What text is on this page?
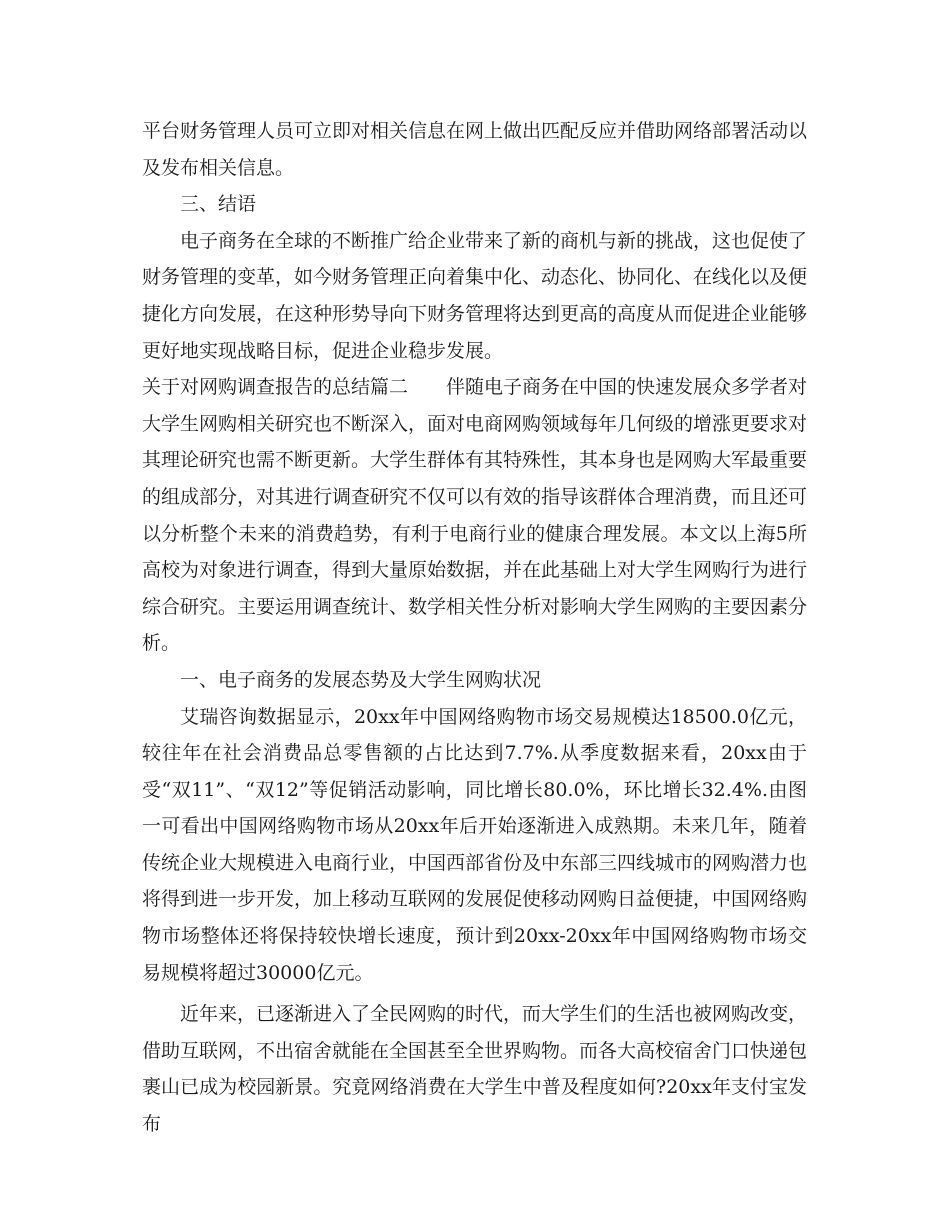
平台财务管理人员可立即对相关信息在网上做出匹配反应并借助网络部署活动以及发布相关信息。

三、结语

电子商务在全球的不断推广给企业带来了新的商机与新的挑战，这也促使了财务管理的变革，如今财务管理正向着集中化、动态化、协同化、在线化以及便捷化方向发展，在这种形势导向下财务管理将达到更高的高度从而促进企业能够更好地实现战略目标，促进企业稳步发展。

关于对网购调查报告的总结篇二　　伴随电子商务在中国的快速发展众多学者对大学生网购相关研究也不断深入，面对电商网购领域每年几何级的增涨更要求对其理论研究也需不断更新。大学生群体有其特殊性，其本身也是网购大军最重要的组成部分，对其进行调查研究不仅可以有效的指导该群体合理消费，而且还可以分析整个未来的消费趋势，有利于电商行业的健康合理发展。本文以上海5所高校为对象进行调查，得到大量原始数据，并在此基础上对大学生网购行为进行综合研究。主要运用调查统计、数学相关性分析对影响大学生网购的主要因素分析。

一、电子商务的发展态势及大学生网购状况

艾瑞咨询数据显示，20xx年中国网络购物市场交易规模达18500.0亿元，较往年在社会消费品总零售额的占比达到7.7%.从季度数据来看，20xx由于受“双11”、“双12”等促销活动影响，同比增长80.0%，环比增长32.4%.由图一可看出中国网络购物市场从20xx年后开始逐渐进入成熟期。未来几年，随着传统企业大规模进入电商行业，中国西部省份及中东部三四线城市的网购潜力也将得到进一步开发，加上移动互联网的发展促使移动网购日益便捷，中国网络购物市场整体还将保持较快增长速度，预计到20xx-20xx年中国网络购物市场交易规模将超过30000亿元。

近年来，已逐渐进入了全民网购的时代，而大学生们的生活也被网购改变，借助互联网，不出宿舍就能在全国甚至全世界购物。而各大高校宿舍门口快递包裹山已成为校园新景。究竟网络消费在大学生中普及程度如何?20xx年支付宝发布
